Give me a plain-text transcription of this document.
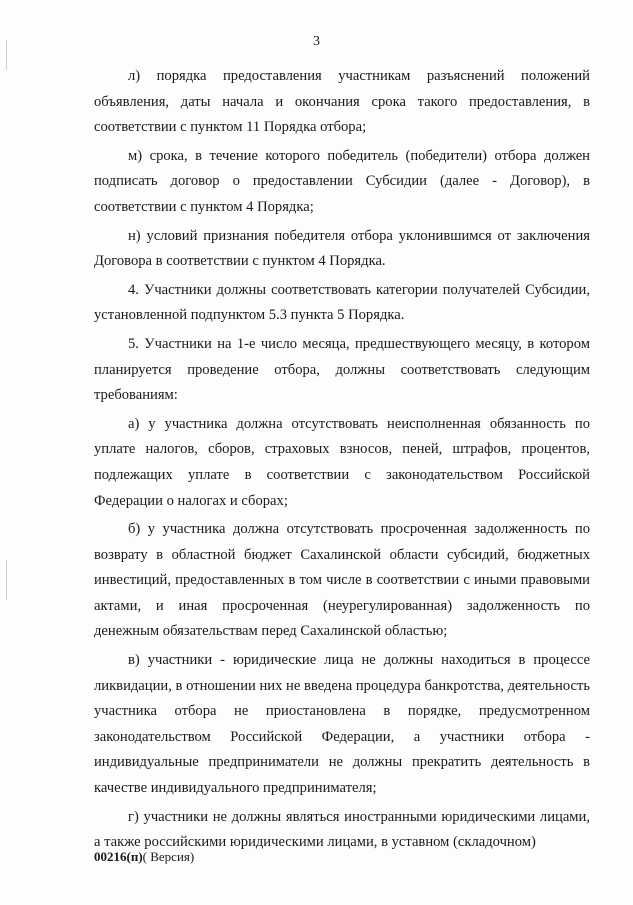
3

л) порядка предоставления участникам разъяснений положений объявления, даты начала и окончания срока такого предоставления, в соответствии с пунктом 11 Порядка отбора;

м) срока, в течение которого победитель (победители) отбора должен подписать договор о предоставлении Субсидии (далее - Договор), в соответствии с пунктом 4 Порядка;

н) условий признания победителя отбора уклонившимся от заключения Договора в соответствии с пунктом 4 Порядка.

4. Участники должны соответствовать категории получателей Субсидии, установленной подпунктом 5.3 пункта 5 Порядка.

5. Участники на 1-е число месяца, предшествующего месяцу, в котором планируется проведение отбора, должны соответствовать следующим требованиям:

а) у участника должна отсутствовать неисполненная обязанность по уплате налогов, сборов, страховых взносов, пеней, штрафов, процентов, подлежащих уплате в соответствии с законодательством Российской Федерации о налогах и сборах;

б) у участника должна отсутствовать просроченная задолженность по возврату в областной бюджет Сахалинской области субсидий, бюджетных инвестиций, предоставленных в том числе в соответствии с иными правовыми актами, и иная просроченная (неурегулированная) задолженность по денежным обязательствам перед Сахалинской областью;

в) участники - юридические лица не должны находиться в процессе ликвидации, в отношении них не введена процедура банкротства, деятельность участника отбора не приостановлена в порядке, предусмотренном законодательством Российской Федерации, а участники отбора - индивидуальные предприниматели не должны прекратить деятельность в качестве индивидуального предпринимателя;

г) участники не должны являться иностранными юридическими лицами, а также российскими юридическими лицами, в уставном (складочном)

00216(п)( Версия)
